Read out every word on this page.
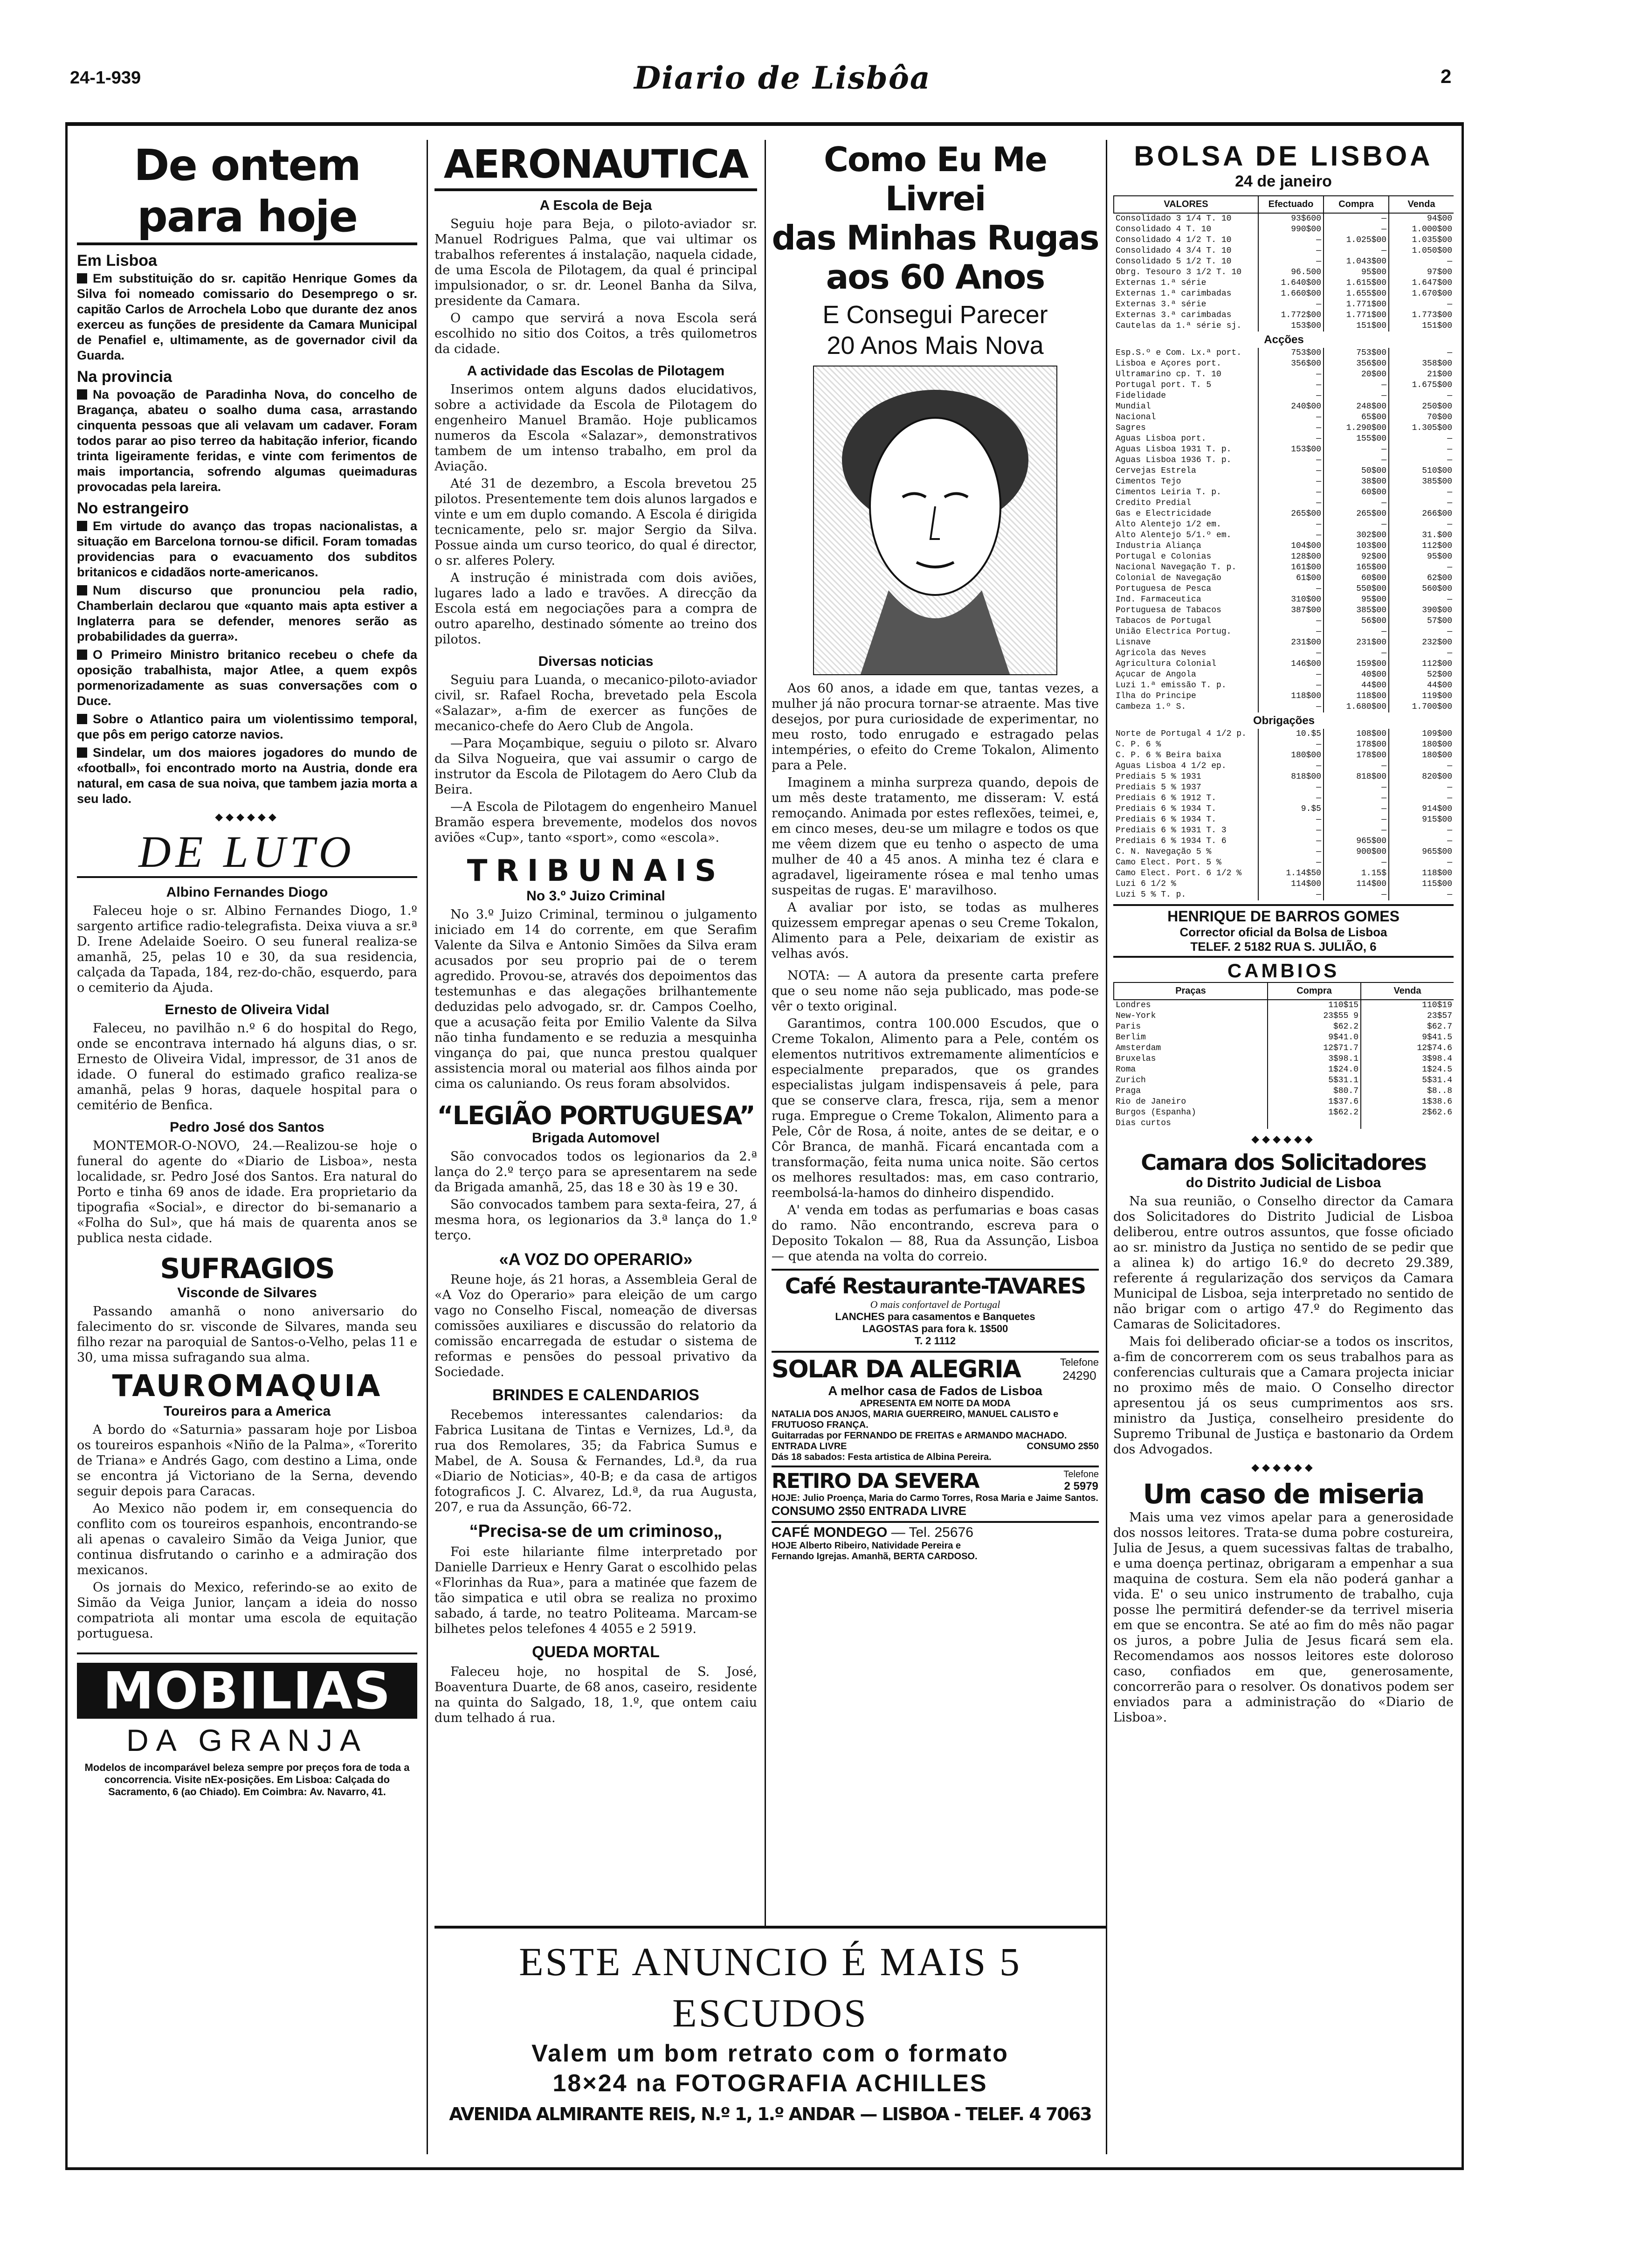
24-1-939	Diario de Lisbôa	2
De ontem para hoje
Em Lisboa

Em substituição do sr. capitão Henrique Gomes da Silva foi nomeado comissario do Desemprego o sr. capitão Carlos de Arrochela Lobo que durante dez anos exerceu as funções de presidente da Camara Municipal de Penafiel e, ultimamente, as de governador civil da Guarda.

Na provincia

Na povoação de Paradinha Nova, do concelho de Bragança, abateu o soalho duma casa, arrastando cinquenta pessoas que ali velavam um cadaver. Foram todos parar ao piso terreo da habitação inferior, ficando trinta ligeiramente feridas, e vinte com ferimentos de mais importancia, sofrendo algumas queimaduras provocadas pela lareira.

No estrangeiro

Em virtude do avanço das tropas nacionalistas, a situação em Barcelona tornou-se dificil. Foram tomadas providencias para o evacuamento dos subditos britanicos e cidadãos norte-americanos.

Num discurso que pronunciou pela radio, Chamberlain declarou que «quanto mais apta estiver a Inglaterra para se defender, menores serão as probabilidades da guerra».

O Primeiro Ministro britanico recebeu o chefe da oposição trabalhista, major Atlee, a quem expôs pormenorizadamente as suas conversações com o Duce.

Sobre o Atlantico paira um violentissimo temporal, que pôs em perigo catorze navios.

Sindelar, um dos maiores jogadores do mundo de «football», foi encontrado morto na Austria, donde era natural, em casa de sua noiva, que tambem jazia morta a seu lado.

◆◆◆◆◆◆
DE LUTO
Albino Fernandes Diogo

Faleceu hoje o sr. Albino Fernandes Diogo, 1.º sargento artifice radio-telegrafista. Deixa viuva a sr.ª D. Irene Adelaide Soeiro. O seu funeral realiza-se amanhã, 25, pelas 10 e 30, da sua residencia, calçada da Tapada, 184, rez-do-chão, esquerdo, para o cemiterio da Ajuda.

Ernesto de Oliveira Vidal

Faleceu, no pavilhão n.º 6 do hospital do Rego, onde se encontrava internado há alguns dias, o sr. Ernesto de Oliveira Vidal, impressor, de 31 anos de idade. O funeral do estimado grafico realiza-se amanhã, pelas 9 horas, daquele hospital para o cemitério de Benfica.

Pedro José dos Santos

MONTEMOR-O-NOVO, 24.—Realizou-se hoje o funeral do agente do «Diario de Lisboa», nesta localidade, sr. Pedro José dos Santos. Era natural do Porto e tinha 69 anos de idade. Era proprietario da tipografia «Social», e director do bi-semanario a «Folha do Sul», que há mais de quarenta anos se publica nesta cidade.

SUFRAGIOS
Visconde de Silvares

Passando amanhã o nono aniversario do falecimento do sr. visconde de Silvares, manda seu filho rezar na paroquial de Santos-o-Velho, pelas 11 e 30, uma missa sufragando sua alma.

TAUROMAQUIA
Toureiros para a America

A bordo do «Saturnia» passaram hoje por Lisboa os toureiros espanhois «Niño de la Palma», «Torerito de Triana» e Andrés Gago, com destino a Lima, onde se encontra já Victoriano de la Serna, devendo seguir depois para Caracas.

Ao Mexico não podem ir, em consequencia do conflito com os toureiros espanhois, encontrando-se ali apenas o cavaleiro Simão da Veiga Junior, que continua disfrutando o carinho e a admiração dos mexicanos.

Os jornais do Mexico, referindo-se ao exito de Simão da Veiga Junior, lançam a ideia do nosso compatriota ali montar uma escola de equitação portuguesa.

MOBILIAS
DA GRANJA
Modelos de incomparável beleza sempre por preços fora de toda a concorrencia. Visite nEx-posições. Em Lisboa: Calçada do Sacramento, 6 (ao Chiado). Em Coimbra: Av. Navarro, 41.
AERONAUTICA
A Escola de Beja

Seguiu hoje para Beja, o piloto-aviador sr. Manuel Rodrigues Palma, que vai ultimar os trabalhos referentes á instalação, naquela cidade, de uma Escola de Pilotagem, da qual é principal impulsionador, o sr. dr. Leonel Banha da Silva, presidente da Camara.

O campo que servirá a nova Escola será escolhido no sitio dos Coitos, a três quilometros da cidade.

A actividade das Escolas de Pilotagem

Inserimos ontem alguns dados elucidativos, sobre a actividade da Escola de Pilotagem do engenheiro Manuel Bramão. Hoje publicamos numeros da Escola «Salazar», demonstrativos tambem de um intenso trabalho, em prol da Aviação.

Até 31 de dezembro, a Escola brevetou 25 pilotos. Presentemente tem dois alunos largados e vinte e um em duplo comando. A Escola é dirigida tecnicamente, pelo sr. major Sergio da Silva. Possue ainda um curso teorico, do qual é director, o sr. alferes Polery.

A instrução é ministrada com dois aviões, lugares lado a lado e travões. A direcção da Escola está em negociações para a compra de outro aparelho, destinado sómente ao treino dos pilotos.

Diversas noticias

Seguiu para Luanda, o mecanico-piloto-aviador civil, sr. Rafael Rocha, brevetado pela Escola «Salazar», a-fim de exercer as funções de mecanico-chefe do Aero Club de Angola.

—Para Moçambique, seguiu o piloto sr. Alvaro da Silva Nogueira, que vai assumir o cargo de instrutor da Escola de Pilotagem do Aero Club da Beira.

—A Escola de Pilotagem do engenheiro Manuel Bramão espera brevemente, modelos dos novos aviões «Cup», tanto «sport», como «escola».

TRIBUNAIS
No 3.º Juizo Criminal

No 3.º Juizo Criminal, terminou o julgamento iniciado em 14 do corrente, em que Serafim Valente da Silva e Antonio Simões da Silva eram acusados por seu proprio pai de o terem agredido. Provou-se, através dos depoimentos das testemunhas e das alegações brilhantemente deduzidas pelo advogado, sr. dr. Campos Coelho, que a acusação feita por Emilio Valente da Silva não tinha fundamento e se reduzia a mesquinha vingança do pai, que nunca prestou qualquer assistencia moral ou material aos filhos ainda por cima os caluniando. Os reus foram absolvidos.

“LEGIÃO PORTUGUESA”
Brigada Automovel

São convocados todos os legionarios da 2.ª lança do 2.º terço para se apresentarem na sede da Brigada amanhã, 25, das 18 e 30 às 19 e 30.

São convocados tambem para sexta-feira, 27, á mesma hora, os legionarios da 3.ª lança do 1.º terço.

«A VOZ DO OPERARIO»

Reune hoje, ás 21 horas, a Assembleia Geral de «A Voz do Operario» para eleição de um cargo vago no Conselho Fiscal, nomeação de diversas comissões auxiliares e discussão do relatorio da comissão encarregada de estudar o sistema de reformas e pensões do pessoal privativo da Sociedade.

BRINDES E CALENDARIOS

Recebemos interessantes calendarios: da Fabrica Lusitana de Tintas e Vernizes, Ld.ª, da rua dos Remolares, 35; da Fabrica Sumus e Mabel, de A. Sousa & Fernandes, Ld.ª, da rua «Diario de Noticias», 40-B; e da casa de artigos fotograficos J. C. Alvarez, Ld.ª, da rua Augusta, 207, e rua da Assunção, 66-72.

“Precisa-se de um criminoso„

Foi este hilariante filme interpretado por Danielle Darrieux e Henry Garat o escolhido pelas «Florinhas da Rua», para a matinée que fazem de tão simpatica e util obra se realiza no proximo sabado, á tarde, no teatro Politeama. Marcam-se bilhetes pelos telefones 4 4055 e 2 5919.

QUEDA MORTAL

Faleceu hoje, no hospital de S. José, Boaventura Duarte, de 68 anos, caseiro, residente na quinta do Salgado, 18, 1.º, que ontem caiu dum telhado á rua.

Como Eu Me Livrei
das Minhas Rugas
aos 60 Anos
E Consegui Parecer
20 Anos Mais Nova

Aos 60 anos, a idade em que, tantas vezes, a mulher já não procura tornar-se atraente. Mas tive desejos, por pura curiosidade de experimentar, no meu rosto, todo enrugado e estragado pelas intempéries, o efeito do Creme Tokalon, Alimento para a Pele.

Imaginem a minha surpreza quando, depois de um mês deste tratamento, me disseram: V. está remoçando. Animada por estes reflexões, teimei, e, em cinco meses, deu-se um milagre e todos os que me vêem dizem que eu tenho o aspecto de uma mulher de 40 a 45 anos. A minha tez é clara e agradavel, ligeiramente rósea e mal tenho umas suspeitas de rugas. E' maravilhoso.

A avaliar por isto, se todas as mulheres quizessem empregar apenas o seu Creme Tokalon, Alimento para a Pele, deixariam de existir as velhas avós.

NOTA: — A autora da presente carta prefere que o seu nome não seja publicado, mas pode-se vêr o texto original.

Garantimos, contra 100.000 Escudos, que o Creme Tokalon, Alimento para a Pele, contém os elementos nutritivos extremamente alimentícios e especialmente preparados, que os grandes especialistas julgam indispensaveis á pele, para que se conserve clara, fresca, rija, sem a menor ruga. Empregue o Creme Tokalon, Alimento para a Pele, Côr de Rosa, á noite, antes de se deitar, e o Côr Branca, de manhã. Ficará encantada com a transformação, feita numa unica noite. São certos os melhores resultados: mas, em caso contrario, reembolsá-la-hamos do dinheiro dispendido.

A' venda em todas as perfumarias e boas casas do ramo. Não encontrando, escreva para o Deposito Tokalon — 88, Rua da Assunção, Lisboa — que atenda na volta do correio.

Café Restaurante-TAVARES
O mais confortavel de Portugal
LANCHES para casamentos e Banquetes
LAGOSTAS para fora k. 1$500
T. 2 1112
SOLAR DA ALEGRIA	Telefone
24290
A melhor casa de Fados de Lisboa
APRESENTA EM NOITE DA MODA
NATALIA DOS ANJOS, MARIA GUERREIRO, MANUEL CALISTO e FRUTUOSO FRANÇA.
Guitarradas por FERNANDO DE FREITAS e ARMANDO MACHADO.
ENTRADA LIVRE	CONSUMO 2$50
Dás 18 sabados: Festa artistica de Albina Pereira.
RETIRO DA SEVERA	Telefone
2 5979
HOJE: Julio Proença, Maria do Carmo Torres, Rosa Maria e Jaime Santos.
CONSUMO 2$50 ENTRADA LIVRE
CAFÉ MONDEGO — Tel. 25676
HOJE Alberto Ribeiro, Natividade Pereira e
Fernando Igrejas. Amanhã, BERTA CARDOSO.
ESTE ANUNCIO É MAIS 5 ESCUDOS
Valem um bom retrato com o formato
18×24 na FOTOGRAFIA ACHILLES
AVENIDA ALMIRANTE REIS, N.º 1, 1.º ANDAR — LISBOA - TELEF. 4 7063
BOLSA DE LISBOA
24 de janeiro
VALORES	Efectuado	Compra	Venda
Consolidado 3 1/4 T. 10	93$600	—	94$00
Consolidado 4 T. 10	990$00	—	1.000$00
Consolidado 4 1/2 T. 10	—	1.025$00	1.035$00
Consolidado 4 3/4 T. 10	—	—	1.050$00
Consolidado 5 1/2 T. 10	—	1.043$00	—
Obrg. Tesouro 3 1/2 T. 10	96.500	95$00	97$00
Externas 1.ª série	1.640$00	1.615$00	1.647$00
Externas 1.ª carimbadas	1.660$00	1.655$00	1.670$00
Externas 3.ª série	—	1.771$00	—
Externas 3.ª carimbadas	1.772$00	1.771$00	1.773$00
Cautelas da 1.ª série sj.	153$00	151$00	151$00
Acções			
Esp.S.º e Com. Lx.ª port.	753$00	753$00	—
Lisboa e Açores port.	356$00	356$00	358$00
Ultramarino cp. T. 10	—	20$00	21$00
Portugal port. T. 5	—	—	1.675$00
Fidelidade	—	—	—
Mundial	240$00	248$00	250$00
Nacional	—	65$00	70$00
Sagres	—	1.290$00	1.305$00
Aguas Lisboa port.	—	155$00	—
Aguas Lisboa 1931 T. p.	153$00	—	—
Aguas Lisboa 1936 T. p.	—	—	—
Cervejas Estrela	—	50$00	510$00
Cimentos Tejo	—	38$00	385$00
Cimentos Leiria T. p.	—	60$00	—
Credito Predial	—	—	—
Gas e Electricidade	265$00	265$00	266$00
Alto Alentejo 1/2 em.	—	—	—
Alto Alentejo 5/1.º em.	—	302$00	31.$00
Industria Aliança	104$00	103$00	112$00
Portugal e Colonias	128$00	92$00	95$00
Nacional Navegação T. p.	161$00	165$00	—
Colonial de Navegação	61$00	60$00	62$00
Portuguesa de Pesca	—	550$00	560$00
Ind. Farmaceutica	310$00	95$00	—
Portuguesa de Tabacos	387$00	385$00	390$00
Tabacos de Portugal	—	56$00	57$00
União Electrica Portug.	—	—	—
Lisnave	231$00	231$00	232$00
Agricola das Neves	—	—	—
Agricultura Colonial	146$00	159$00	112$00
Açucar de Angola	—	40$00	52$00
Luzi 1.ª emissão T. p.	—	44$00	44$00
Ilha do Principe	118$00	118$00	119$00
Cambeza 1.º S.	—	1.680$00	1.700$00
Obrigações			
Norte de Portugal 4 1/2 p.	10.$5	108$00	109$00
C. P. 6 %	—	178$00	180$00
C. P. 6 % Beira baixa	180$00	178$00	180$00
Aguas Lisboa 4 1/2 ep.	—	—	—
Prediais 5 % 1931	818$00	818$00	820$00
Prediais 5 % 1937	—	—	—
Prediais 6 % 1912 T.	—	—	—
Prediais 6 % 1934 T.	9.$5	—	914$00
Prediais 6 % 1934 T.	—	—	915$00
Prediais 6 % 1931 T. 3	—	—	—
Prediais 6 % 1934 T. 6	—	965$00	—
C. N. Navegação 5 %	—	900$00	965$00
Camo Elect. Port. 5 %	—	—	—
Camo Elect. Port. 6 1/2 %	1.14$50	1.15$	118$00
Luzi 6 1/2 %	114$00	114$00	115$00
Luzi 5 % T. p.	—	—	—
HENRIQUE DE BARROS GOMES
Corrector oficial da Bolsa de Lisboa
TELEF. 2 5182 RUA S. JULIÃO, 6
CAMBIOS
Praças	Compra	Venda
Londres	110$15	110$19
New-York	23$55 9	23$57
Paris	$62.2	$62.7
Berlim	9$41.0	9$41.5
Amsterdam	12$71.7	12$74.6
Bruxelas	3$98.1	3$98.4
Roma	1$24.0	1$24.5
Zurich	5$31.1	5$31.4
Praga	$80.7	$8..8
Rio de Janeiro	1$37.6	1$38.6
Burgos (Espanha)	1$62.2	2$62.6
Dias curtos		
◆◆◆◆◆◆
Camara dos Solicitadores
do Distrito Judicial de Lisboa

Na sua reunião, o Conselho director da Camara dos Solicitadores do Distrito Judicial de Lisboa deliberou, entre outros assuntos, que fosse oficiado ao sr. ministro da Justiça no sentido de se pedir que a alinea k) do artigo 16.º do decreto 29.389, referente á regularização dos serviços da Camara Municipal de Lisboa, seja interpretado no sentido de não brigar com o artigo 47.º do Regimento das Camaras de Solicitadores.

Mais foi deliberado oficiar-se a todos os inscritos, a-fim de concorrerem com os seus trabalhos para as conferencias culturais que a Camara projecta iniciar no proximo mês de maio. O Conselho director apresentou já os seus cumprimentos aos srs. ministro da Justiça, conselheiro presidente do Supremo Tribunal de Justiça e bastonario da Ordem dos Advogados.

◆◆◆◆◆◆
Um caso de miseria

Mais uma vez vimos apelar para a generosidade dos nossos leitores. Trata-se duma pobre costureira, Julia de Jesus, a quem sucessivas faltas de trabalho, e uma doença pertinaz, obrigaram a empenhar a sua maquina de costura. Sem ela não poderá ganhar a vida. E' o seu unico instrumento de trabalho, cuja posse lhe permitirá defender-se da terrivel miseria em que se encontra. Se até ao fim do mês não pagar os juros, a pobre Julia de Jesus ficará sem ela. Recomendamos aos nossos leitores este doloroso caso, confiados em que, generosamente, concorrerão para o resolver. Os donativos podem ser enviados para a administração do «Diario de Lisboa».
